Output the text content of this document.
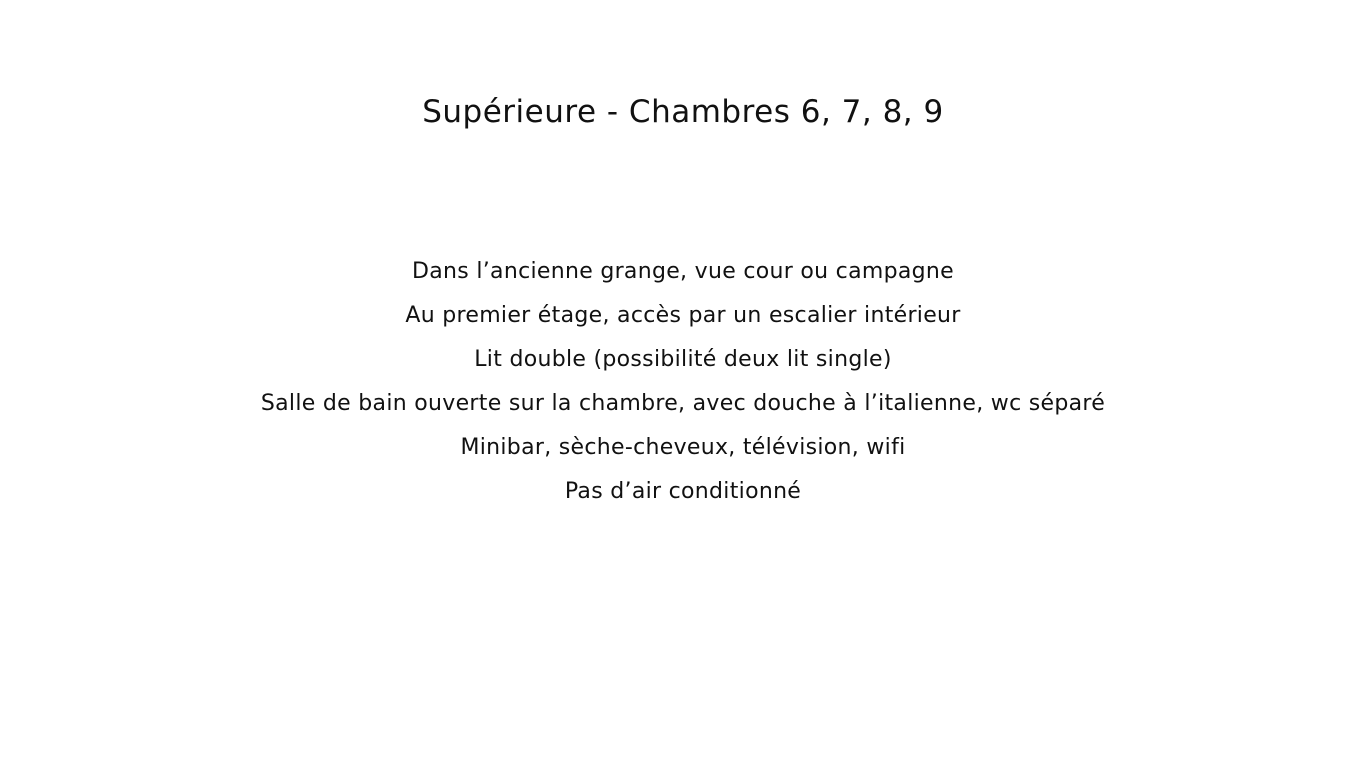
Supérieure - Chambres 6, 7, 8, 9
Dans l’ancienne grange, vue cour ou campagne
Au premier étage, accès par un escalier intérieur
Lit double (possibilité deux lit single)
Salle de bain ouverte sur la chambre, avec douche à l’italienne, wc séparé
Minibar, sèche-cheveux, télévision, wifi
Pas d’air conditionné
